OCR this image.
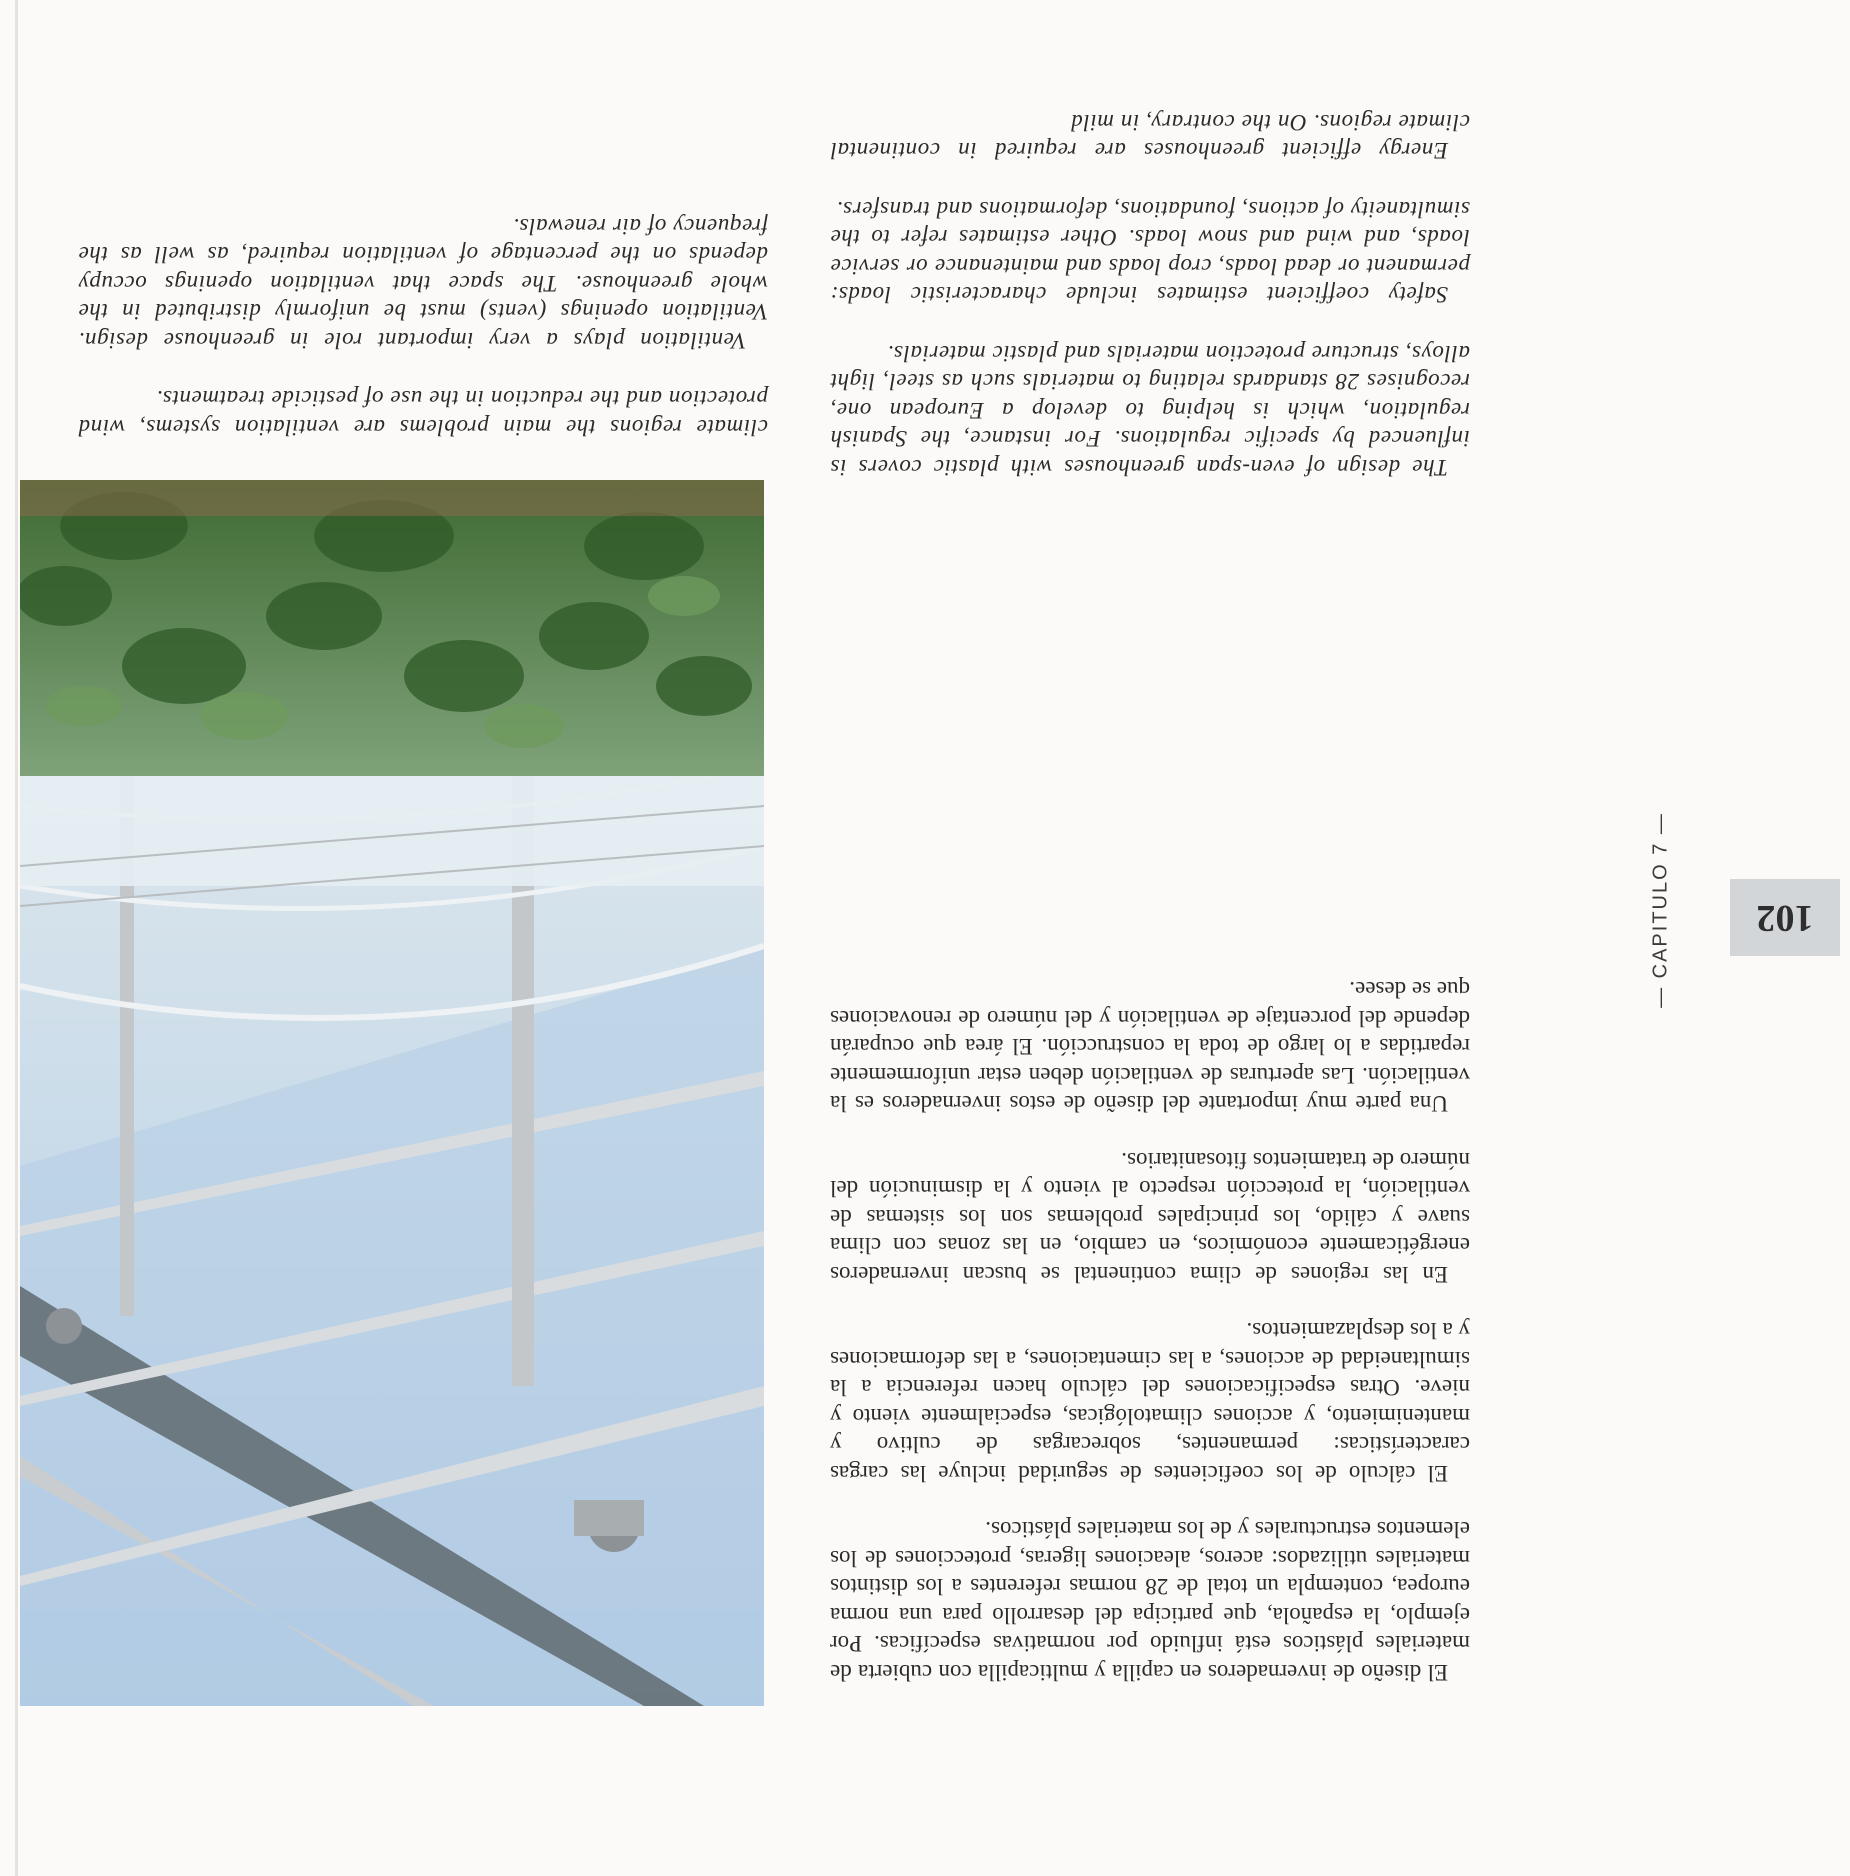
El diseño de invernaderos en capilla y multicapilla con cubierta de materiales plásticos está influido por normativas específicas. Por ejemplo, la española, que participa del desarrollo para una norma europea, contempla un total de 28 normas referentes a los distintos materiales utilizados: aceros, aleaciones ligeras, protecciones de los elementos estructurales y de los materiales plásticos.

El cálculo de los coeficientes de seguridad incluye las cargas características: permanentes, sobrecargas de cultivo y mantenimiento, y acciones climatológicas, especialmente viento y nieve. Otras especificaciones del cálculo hacen referencia a la simultaneidad de acciones, a las cimentaciones, a las deformaciones y a los desplazamientos.

En las regiones de clima continental se buscan invernaderos energéticamente económicos, en cambio, en las zonas con clima suave y cálido, los principales problemas son los sistemas de ventilación, la protección respecto al viento y la disminución del número de tratamientos fitosanitarios.

Una parte muy importante del diseño de estos invernaderos es la ventilación. Las aperturas de ventilación deben estar uniformemente repartidas a lo largo de toda la construcción. El área que ocuparán depende del porcentaje de ventilación y del número de renovaciones que se desee.

The design of even-span greenhouses with plastic covers is influenced by specific regulations. For instance, the Spanish regulation, which is helping to develop a European one, recognises 28 standards relating to materials such as steel, light alloys, structure protection materials and plastic materials.

Safety coefficient estimates include characteristic loads: permanent or dead loads, crop loads and maintenance or service loads, and wind and snow loads. Other estimates refer to the simultaneity of actions, foundations, deformations and transfers.

Energy efficient greenhouses are required in continental climate regions. On the contrary, in mild

climate regions the main problems are ventilation systems, wind protection and the reduction in the use of pesticide treatments.

Ventilation plays a very important role in greenhouse design. Ventilation openings (vents) must be uniformly distributed in the whole greenhouse. The space that ventilation openings occupy depends on the percentage of ventilation required, as well as the frequency of air renewals.

102
— CAPITULO 7 —
